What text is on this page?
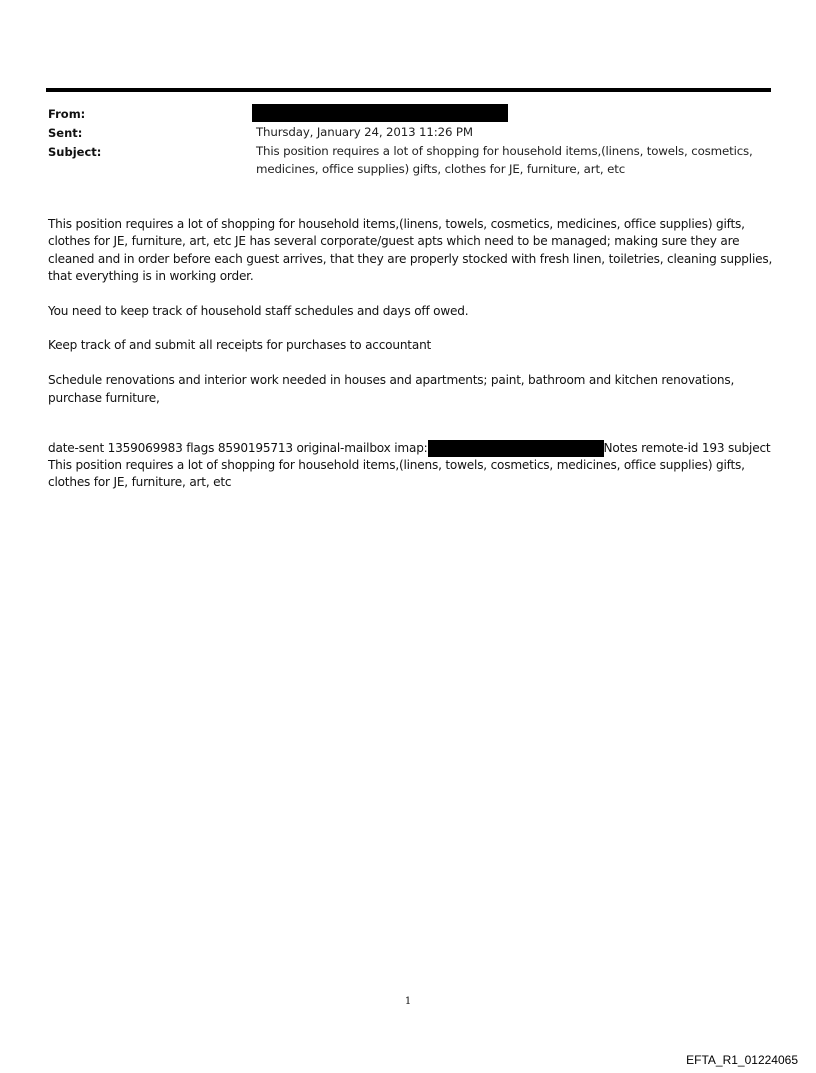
From:
Sent:	Thursday, January 24, 2013 11:26 PM
Subject:	This position requires a lot of shopping for household items,(linens, towels, cosmetics, medicines, office supplies) gifts, clothes for JE, furniture, art, etc

This position requires a lot of shopping for household items,(linens, towels, cosmetics, medicines, office supplies) gifts, clothes for JE, furniture, art, etc JE has several corporate/guest apts which need to be managed; making sure they are cleaned and in order before each guest arrives, that they are properly stocked with fresh linen, toiletries, cleaning supplies, that everything is in working order.

You need to keep track of household staff schedules and days off owed.

Keep track of and submit all receipts for purchases to accountant

Schedule renovations and interior work needed in houses and apartments; paint, bathroom and kitchen renovations, purchase furniture,

date-sent 1359069983 flags 8590195713 original-mailbox imap:	Notes remote-id 193 subject This position requires a lot of shopping for household items,(linens, towels, cosmetics, medicines, office supplies) gifts, clothes for JE, furniture, art, etc

1
EFTA_R1_01224065
